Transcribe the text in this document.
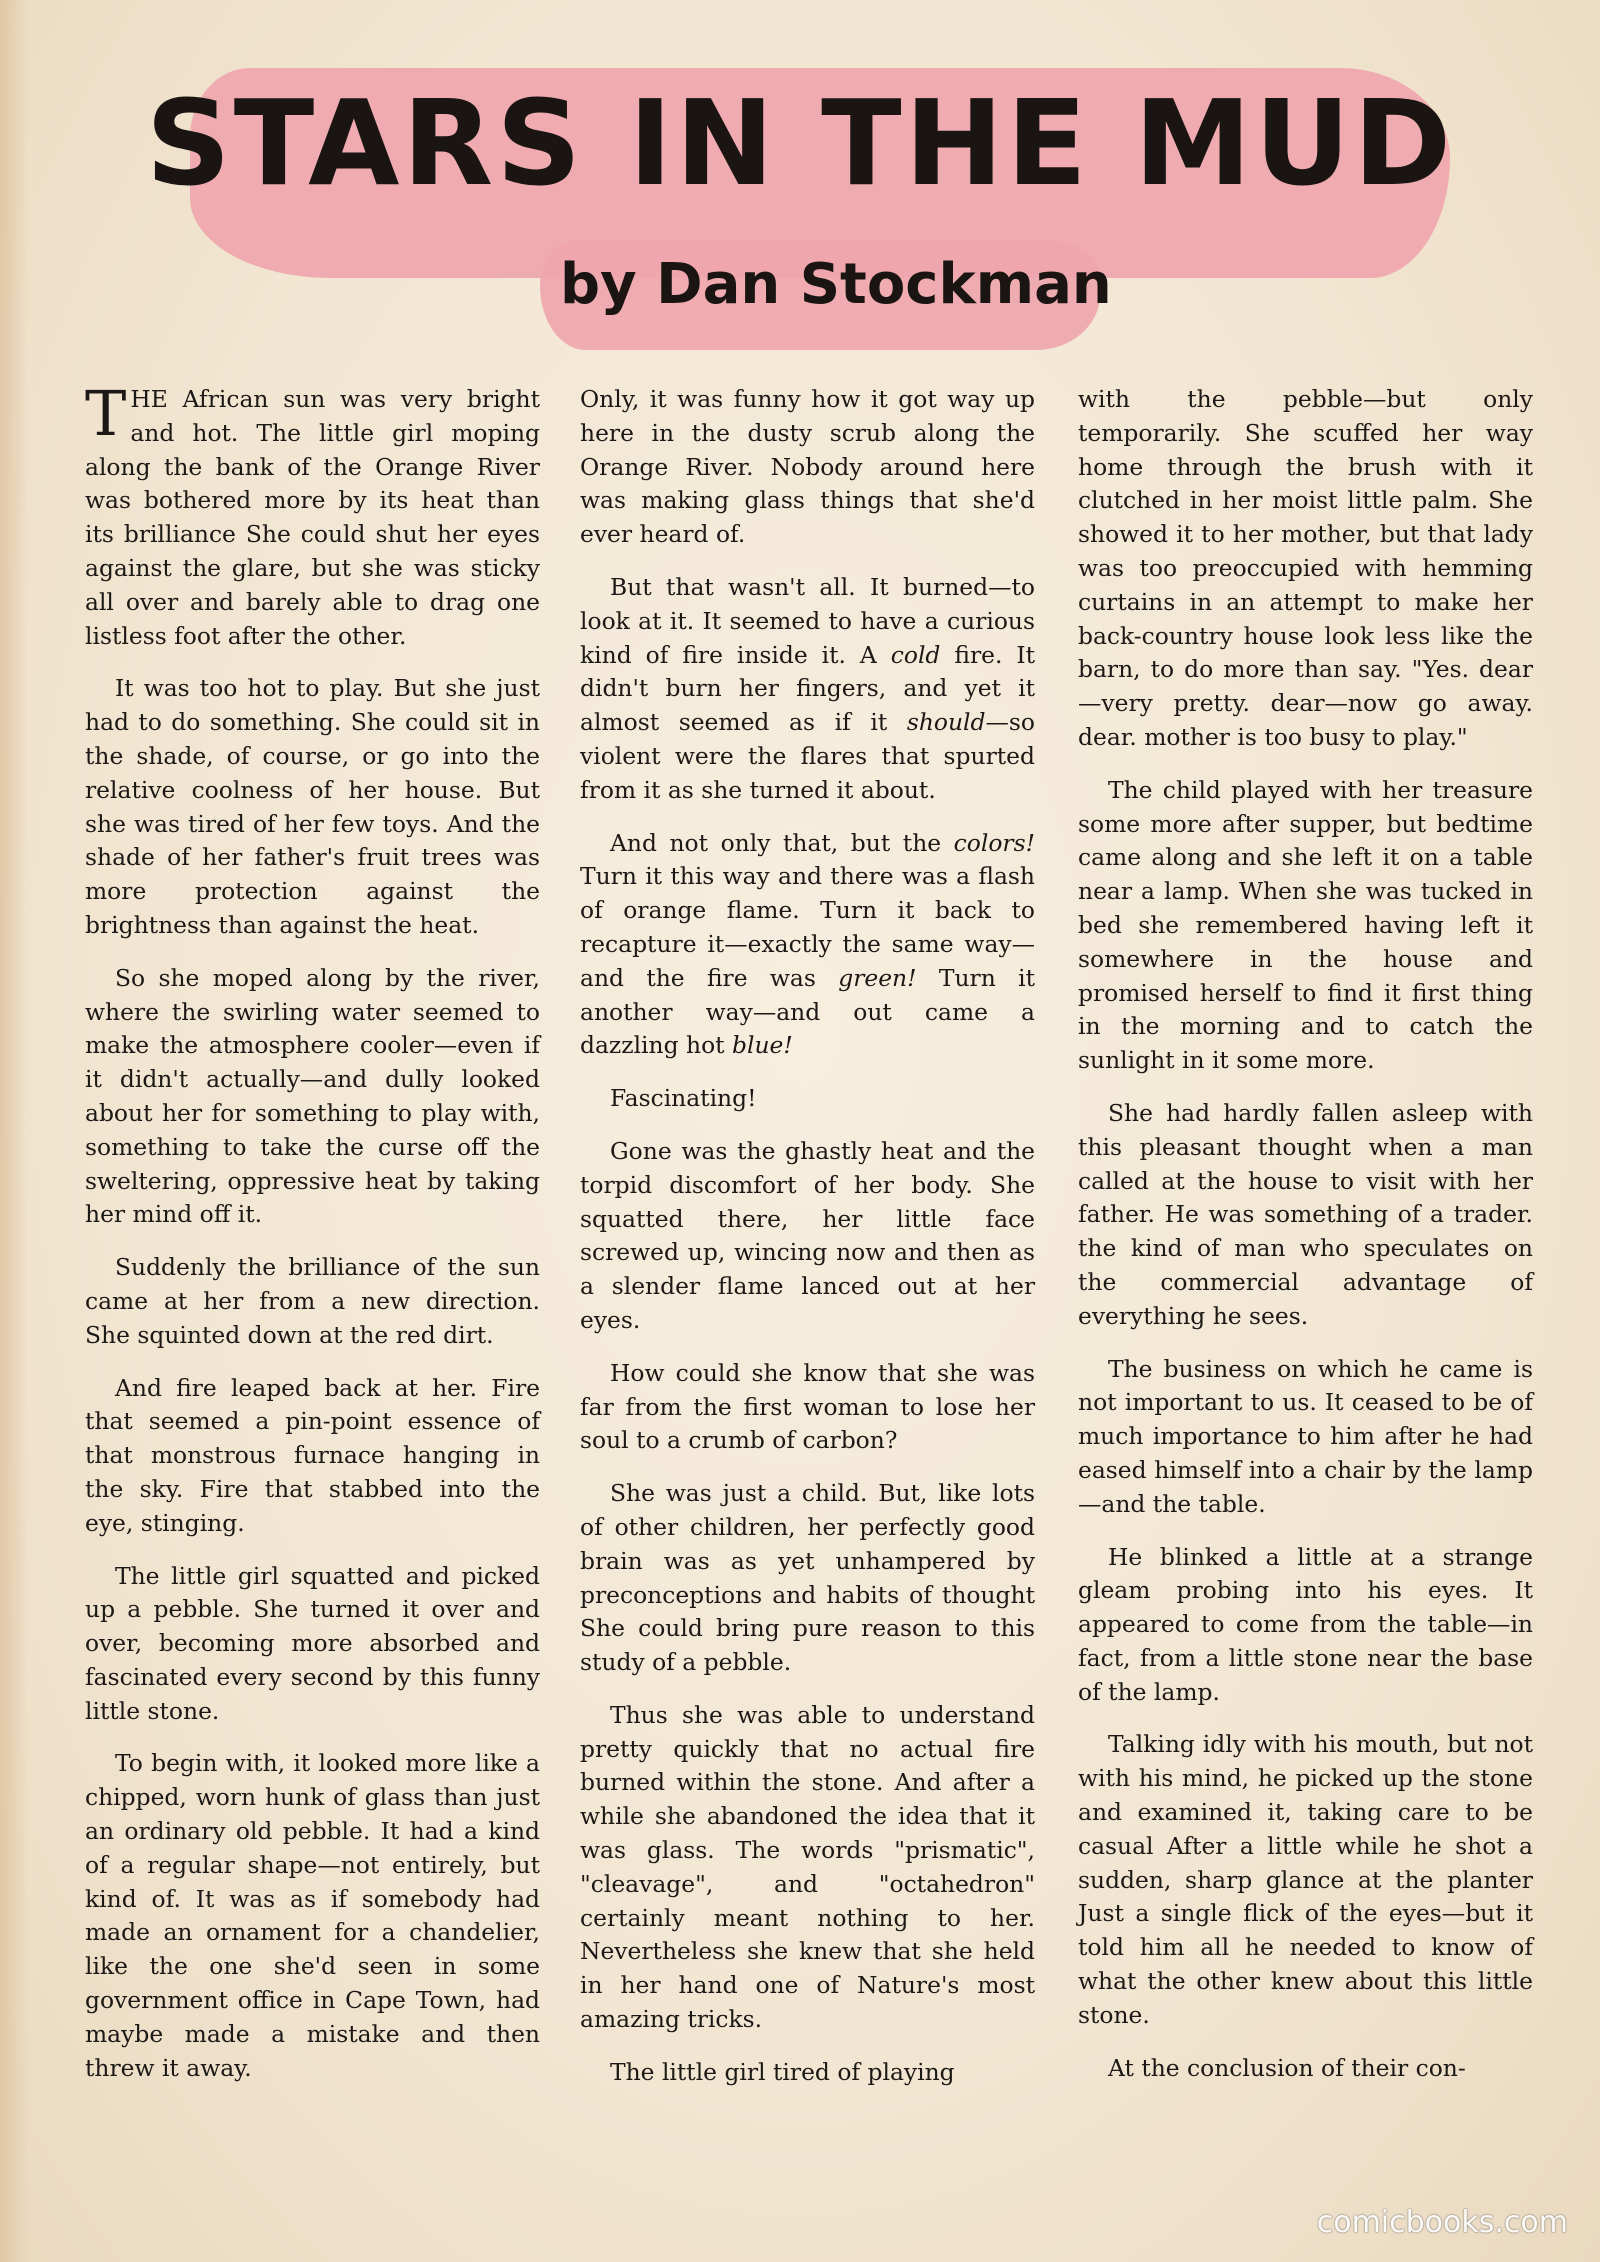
STARS IN THE MUD
by Dan Stockman

THE African sun was very bright and hot. The little girl moping along the bank of the Orange River was bothered more by its heat than its brilliance She could shut her eyes against the glare, but she was sticky all over and barely able to drag one listless foot after the other.

It was too hot to play. But she just had to do something. She could sit in the shade, of course, or go into the relative coolness of her house. But she was tired of her few toys. And the shade of her father's fruit trees was more protection against the brightness than against the heat.

So she moped along by the river, where the swirling water seemed to make the atmosphere cooler—even if it didn't actually—and dully looked about her for something to play with, something to take the curse off the sweltering, oppressive heat by taking her mind off it.

Suddenly the brilliance of the sun came at her from a new direction. She squinted down at the red dirt.

And fire leaped back at her. Fire that seemed a pin-point essence of that monstrous furnace hanging in the sky. Fire that stabbed into the eye, stinging.

The little girl squatted and picked up a pebble. She turned it over and over, becoming more absorbed and fascinated every second by this funny little stone.

To begin with, it looked more like a chipped, worn hunk of glass than just an ordinary old pebble. It had a kind of a regular shape—not entirely, but kind of. It was as if somebody had made an ornament for a chandelier, like the one she'd seen in some government office in Cape Town, had maybe made a mistake and then threw it away.

Only, it was funny how it got way up here in the dusty scrub along the Orange River. Nobody around here was making glass things that she'd ever heard of.

But that wasn't all. It burned—to look at it. It seemed to have a curious kind of fire inside it. A cold fire. It didn't burn her fingers, and yet it almost seemed as if it should—so violent were the flares that spurted from it as she turned it about.

And not only that, but the colors! Turn it this way and there was a flash of orange flame. Turn it back to recapture it—exactly the same way—and the fire was green! Turn it another way—and out came a dazzling hot blue!

Fascinating!

Gone was the ghastly heat and the torpid discomfort of her body. She squatted there, her little face screwed up, wincing now and then as a slender flame lanced out at her eyes.

How could she know that she was far from the first woman to lose her soul to a crumb of carbon?

She was just a child. But, like lots of other children, her perfectly good brain was as yet unhampered by preconceptions and habits of thought She could bring pure reason to this study of a pebble.

Thus she was able to understand pretty quickly that no actual fire burned within the stone. And after a while she abandoned the idea that it was glass. The words "prismatic", "cleavage", and "octahedron" certainly meant nothing to her. Nevertheless she knew that she held in her hand one of Nature's most amazing tricks.

The little girl tired of playing

with the pebble—but only temporarily. She scuffed her way home through the brush with it clutched in her moist little palm. She showed it to her mother, but that lady was too preoccupied with hemming curtains in an attempt to make her back-country house look less like the barn, to do more than say. "Yes. dear—very pretty. dear—now go away. dear. mother is too busy to play."

The child played with her treasure some more after supper, but bedtime came along and she left it on a table near a lamp. When she was tucked in bed she remembered having left it somewhere in the house and promised herself to find it first thing in the morning and to catch the sunlight in it some more.

She had hardly fallen asleep with this pleasant thought when a man called at the house to visit with her father. He was something of a trader. the kind of man who speculates on the commercial advantage of everything he sees.

The business on which he came is not important to us. It ceased to be of much importance to him after he had eased himself into a chair by the lamp—and the table.

He blinked a little at a strange gleam probing into his eyes. It appeared to come from the table—in fact, from a little stone near the base of the lamp.

Talking idly with his mouth, but not with his mind, he picked up the stone and examined it, taking care to be casual After a little while he shot a sudden, sharp glance at the planter Just a single flick of the eyes—but it told him all he needed to know of what the other knew about this little stone.

At the conclusion of their con-

comicbooks.com
